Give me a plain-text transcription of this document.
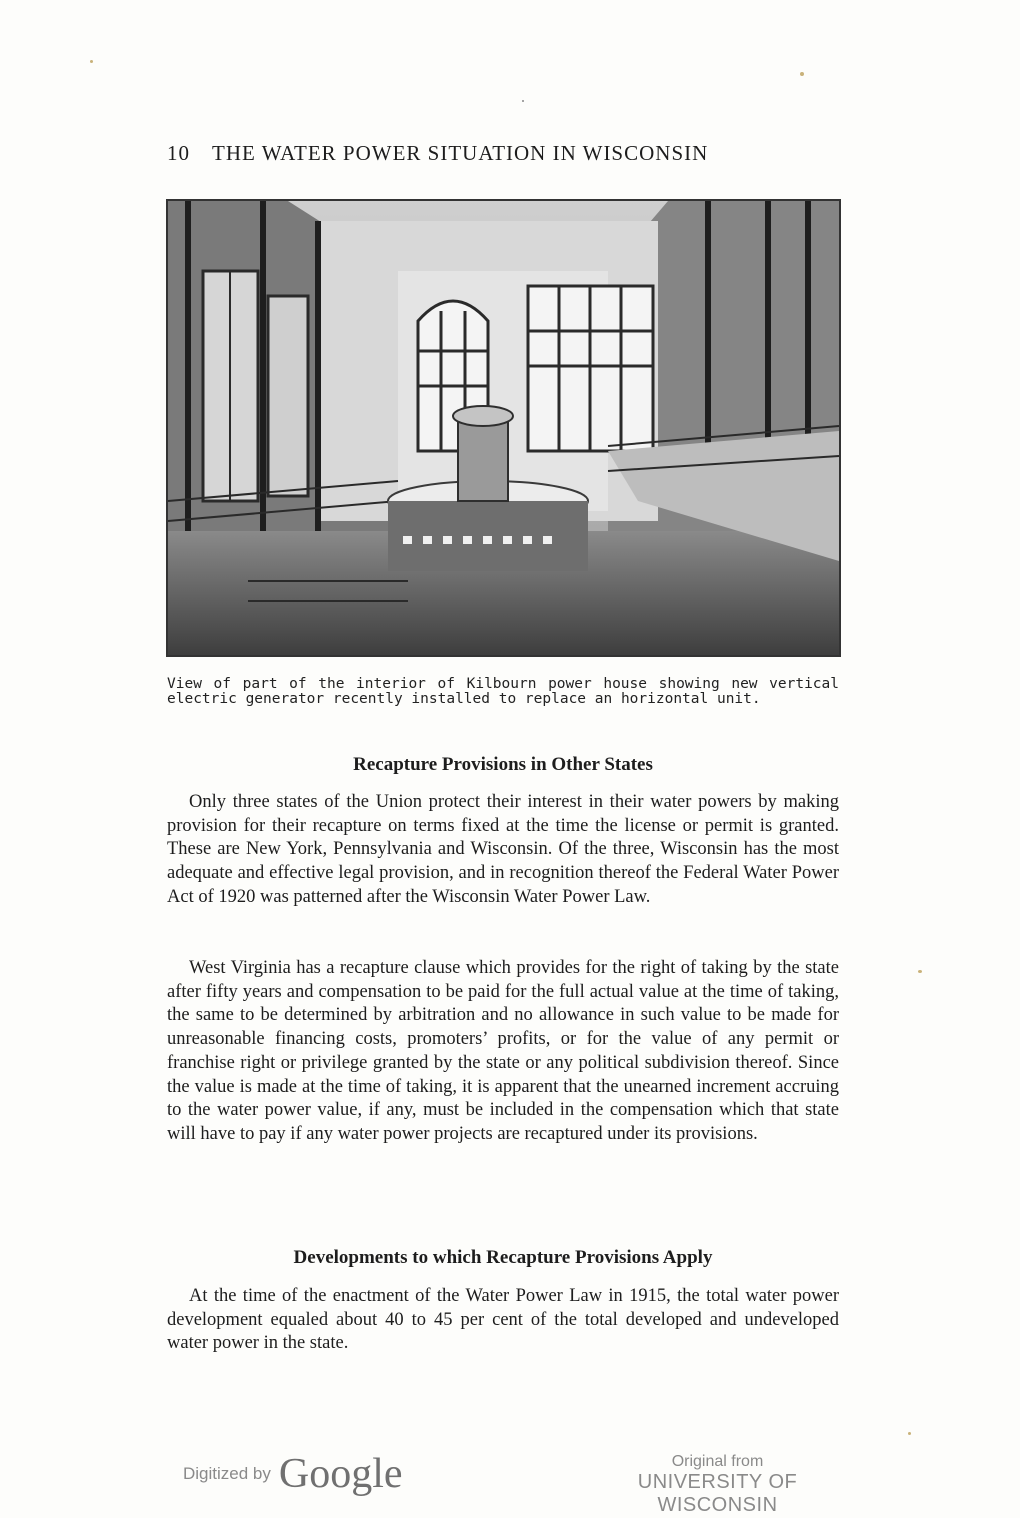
10 THE WATER POWER SITUATION IN WISCONSIN
View of part of the interior of Kilbourn power house showing new vertical electric generator recently installed to replace an horizontal unit.
Recapture Provisions in Other States

Only three states of the Union protect their interest in their water powers by making provision for their recapture on terms fixed at the time the license or permit is granted. These are New York, Pennsylvania and Wisconsin. Of the three, Wisconsin has the most adequate and effective legal provision, and in recognition thereof the Federal Water Power Act of 1920 was patterned after the Wisconsin Water Power Law.

West Virginia has a recapture clause which provides for the right of taking by the state after fifty years and compensation to be paid for the full actual value at the time of taking, the same to be determined by arbitration and no allowance in such value to be made for unreasonable financing costs, promoters’ profits, or for the value of any permit or franchise right or privilege granted by the state or any political subdivision thereof. Since the value is made at the time of taking, it is apparent that the unearned increment accruing to the water power value, if any, must be included in the compensation which that state will have to pay if any water power projects are recaptured under its provisions.

Developments to which Recapture Provisions Apply

At the time of the enactment of the Water Power Law in 1915, the total water power development equaled about 40 to 45 per cent of the total developed and undeveloped water power in the state.

Digitized by Google	Original from
UNIVERSITY OF WISCONSIN
